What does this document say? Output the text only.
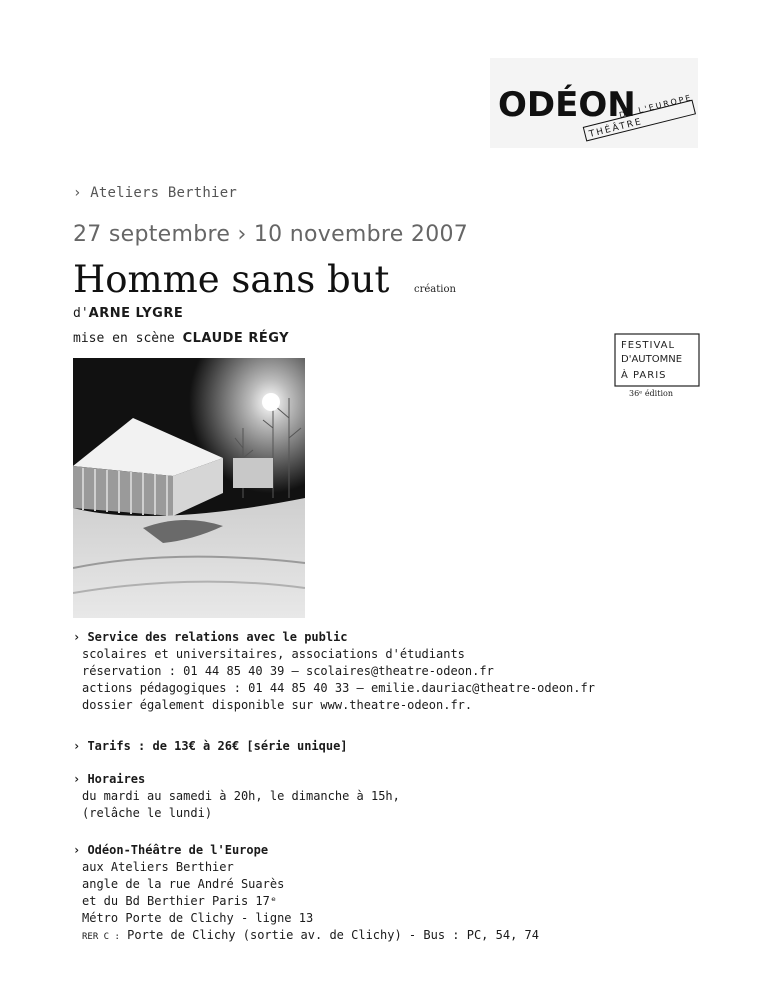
ODÉON
THÉÂTRE
DE L'EUROPE
› Ateliers Berthier
27 septembre › 10 novembre 2007
Homme sans but création
d'ARNE LYGRE
mise en scène CLAUDE RÉGY	FESTIVAL
D'AUTOMNE
À PARIS
36ᵉ édition
› Service des relations avec le public
scolaires et universitaires, associations d'étudiants
réservation : 01 44 85 40 39 – scolaires@theatre-odeon.fr
actions pédagogiques : 01 44 85 40 33 – emilie.dauriac@theatre-odeon.fr
dossier également disponible sur www.theatre-odeon.fr.
› Tarifs : de 13€ à 26€ [série unique]
› Horaires
du mardi au samedi à 20h, le dimanche à 15h,
(relâche le lundi)
› Odéon-Théâtre de l'Europe
aux Ateliers Berthier
angle de la rue André Suarès
et du Bd Berthier Paris 17ᵉ
Métro Porte de Clichy - ligne 13
RER C : Porte de Clichy (sortie av. de Clichy) - Bus : PC, 54, 74
